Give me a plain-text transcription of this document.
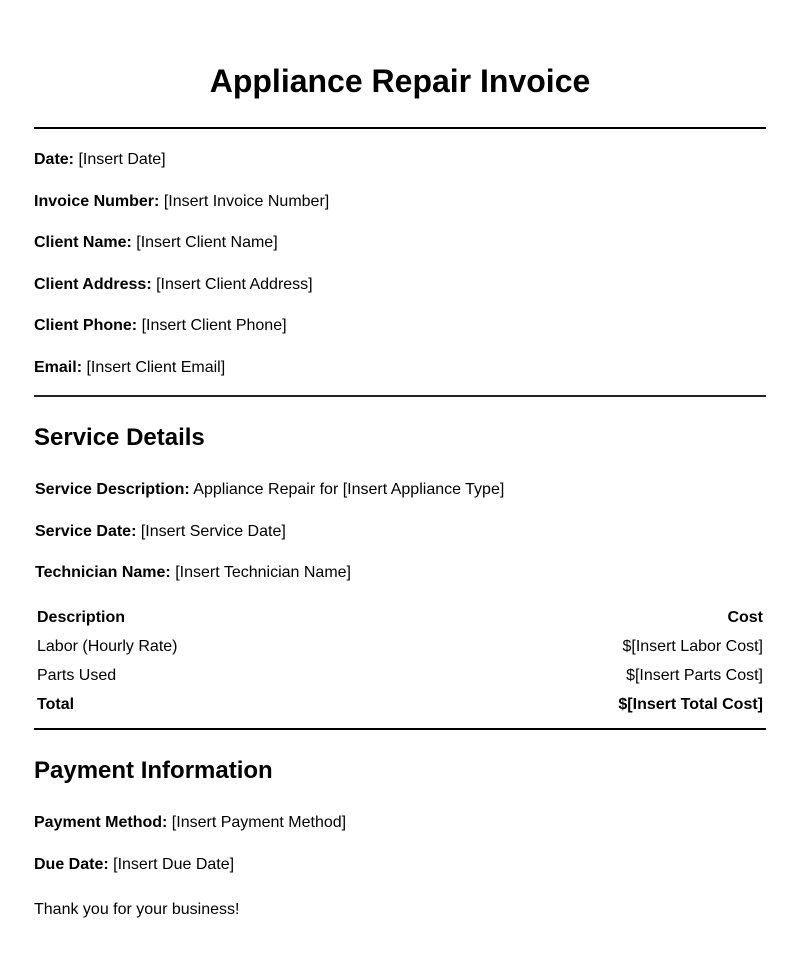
Appliance Repair Invoice
Date: [Insert Date]
Invoice Number: [Insert Invoice Number]
Client Name: [Insert Client Name]
Client Address: [Insert Client Address]
Client Phone: [Insert Client Phone]
Email: [Insert Client Email]
Service Details
Service Description: Appliance Repair for [Insert Appliance Type]
Service Date: [Insert Service Date]
Technician Name: [Insert Technician Name]
Description	Cost
Labor (Hourly Rate)	$[Insert Labor Cost]
Parts Used	$[Insert Parts Cost]
Total	$[Insert Total Cost]
Payment Information
Payment Method: [Insert Payment Method]
Due Date: [Insert Due Date]
Thank you for your business!
